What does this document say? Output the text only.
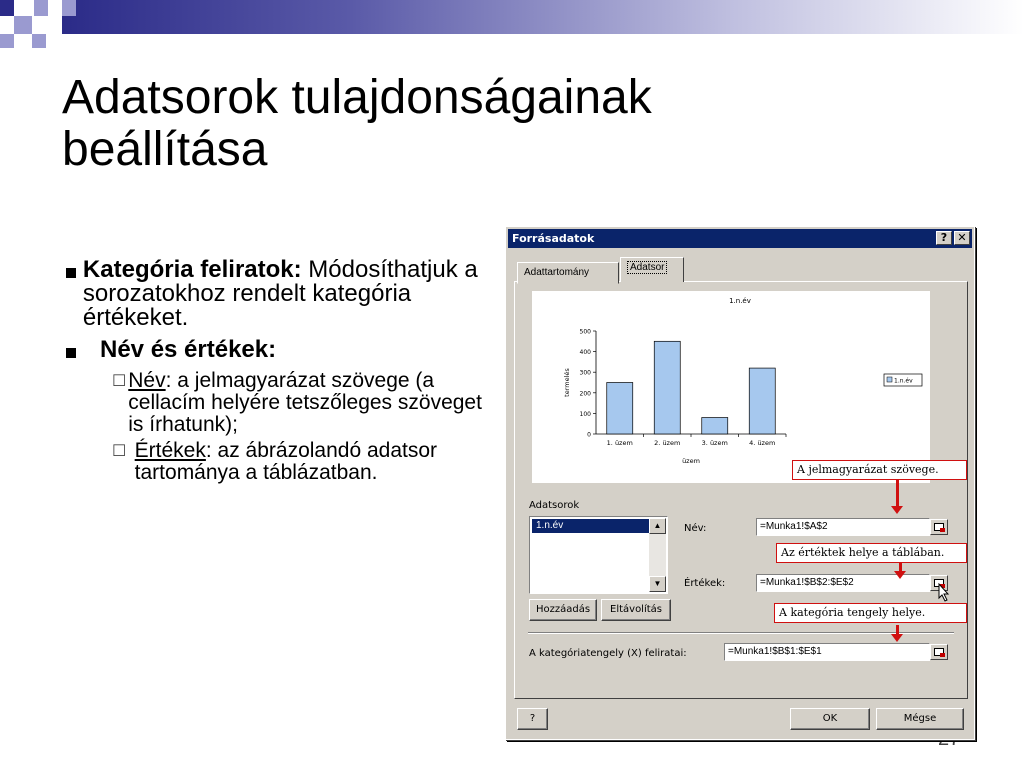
Adatsorok tulajdonságainak
beállítása
Kategória feliratok: Módosíthatjuk a sorozatokhoz rendelt kategória értékeket.
Név és értékek:
☐ Név: a jelmagyarázat szövege (a cellacím helyére tetszőleges szöveget is írhatunk);
☐ Értékek: az ábrázolandó adatsor tartománya a táblázatban.
Forrásadatok	? ✕
Adattartomány	Adatsor
1.n.év
0
100
200
300
400
500
1. üzem	2. üzem	3. üzem	4. üzem
üzem
termelés	1.n.év
Adatsorok
1.n.év	▲
▼
Hozzáadás	Eltávolítás
Név:	=Munka1!$A$2
Értékek:	=Munka1!$B$2:$E$2
A kategóriatengely (X) feliratai:	=Munka1!$B$1:$E$1
?	OK	Mégse
A jelmagyarázat szövege.
Az értéktek helye a táblában.
A kategória tengely helye.
